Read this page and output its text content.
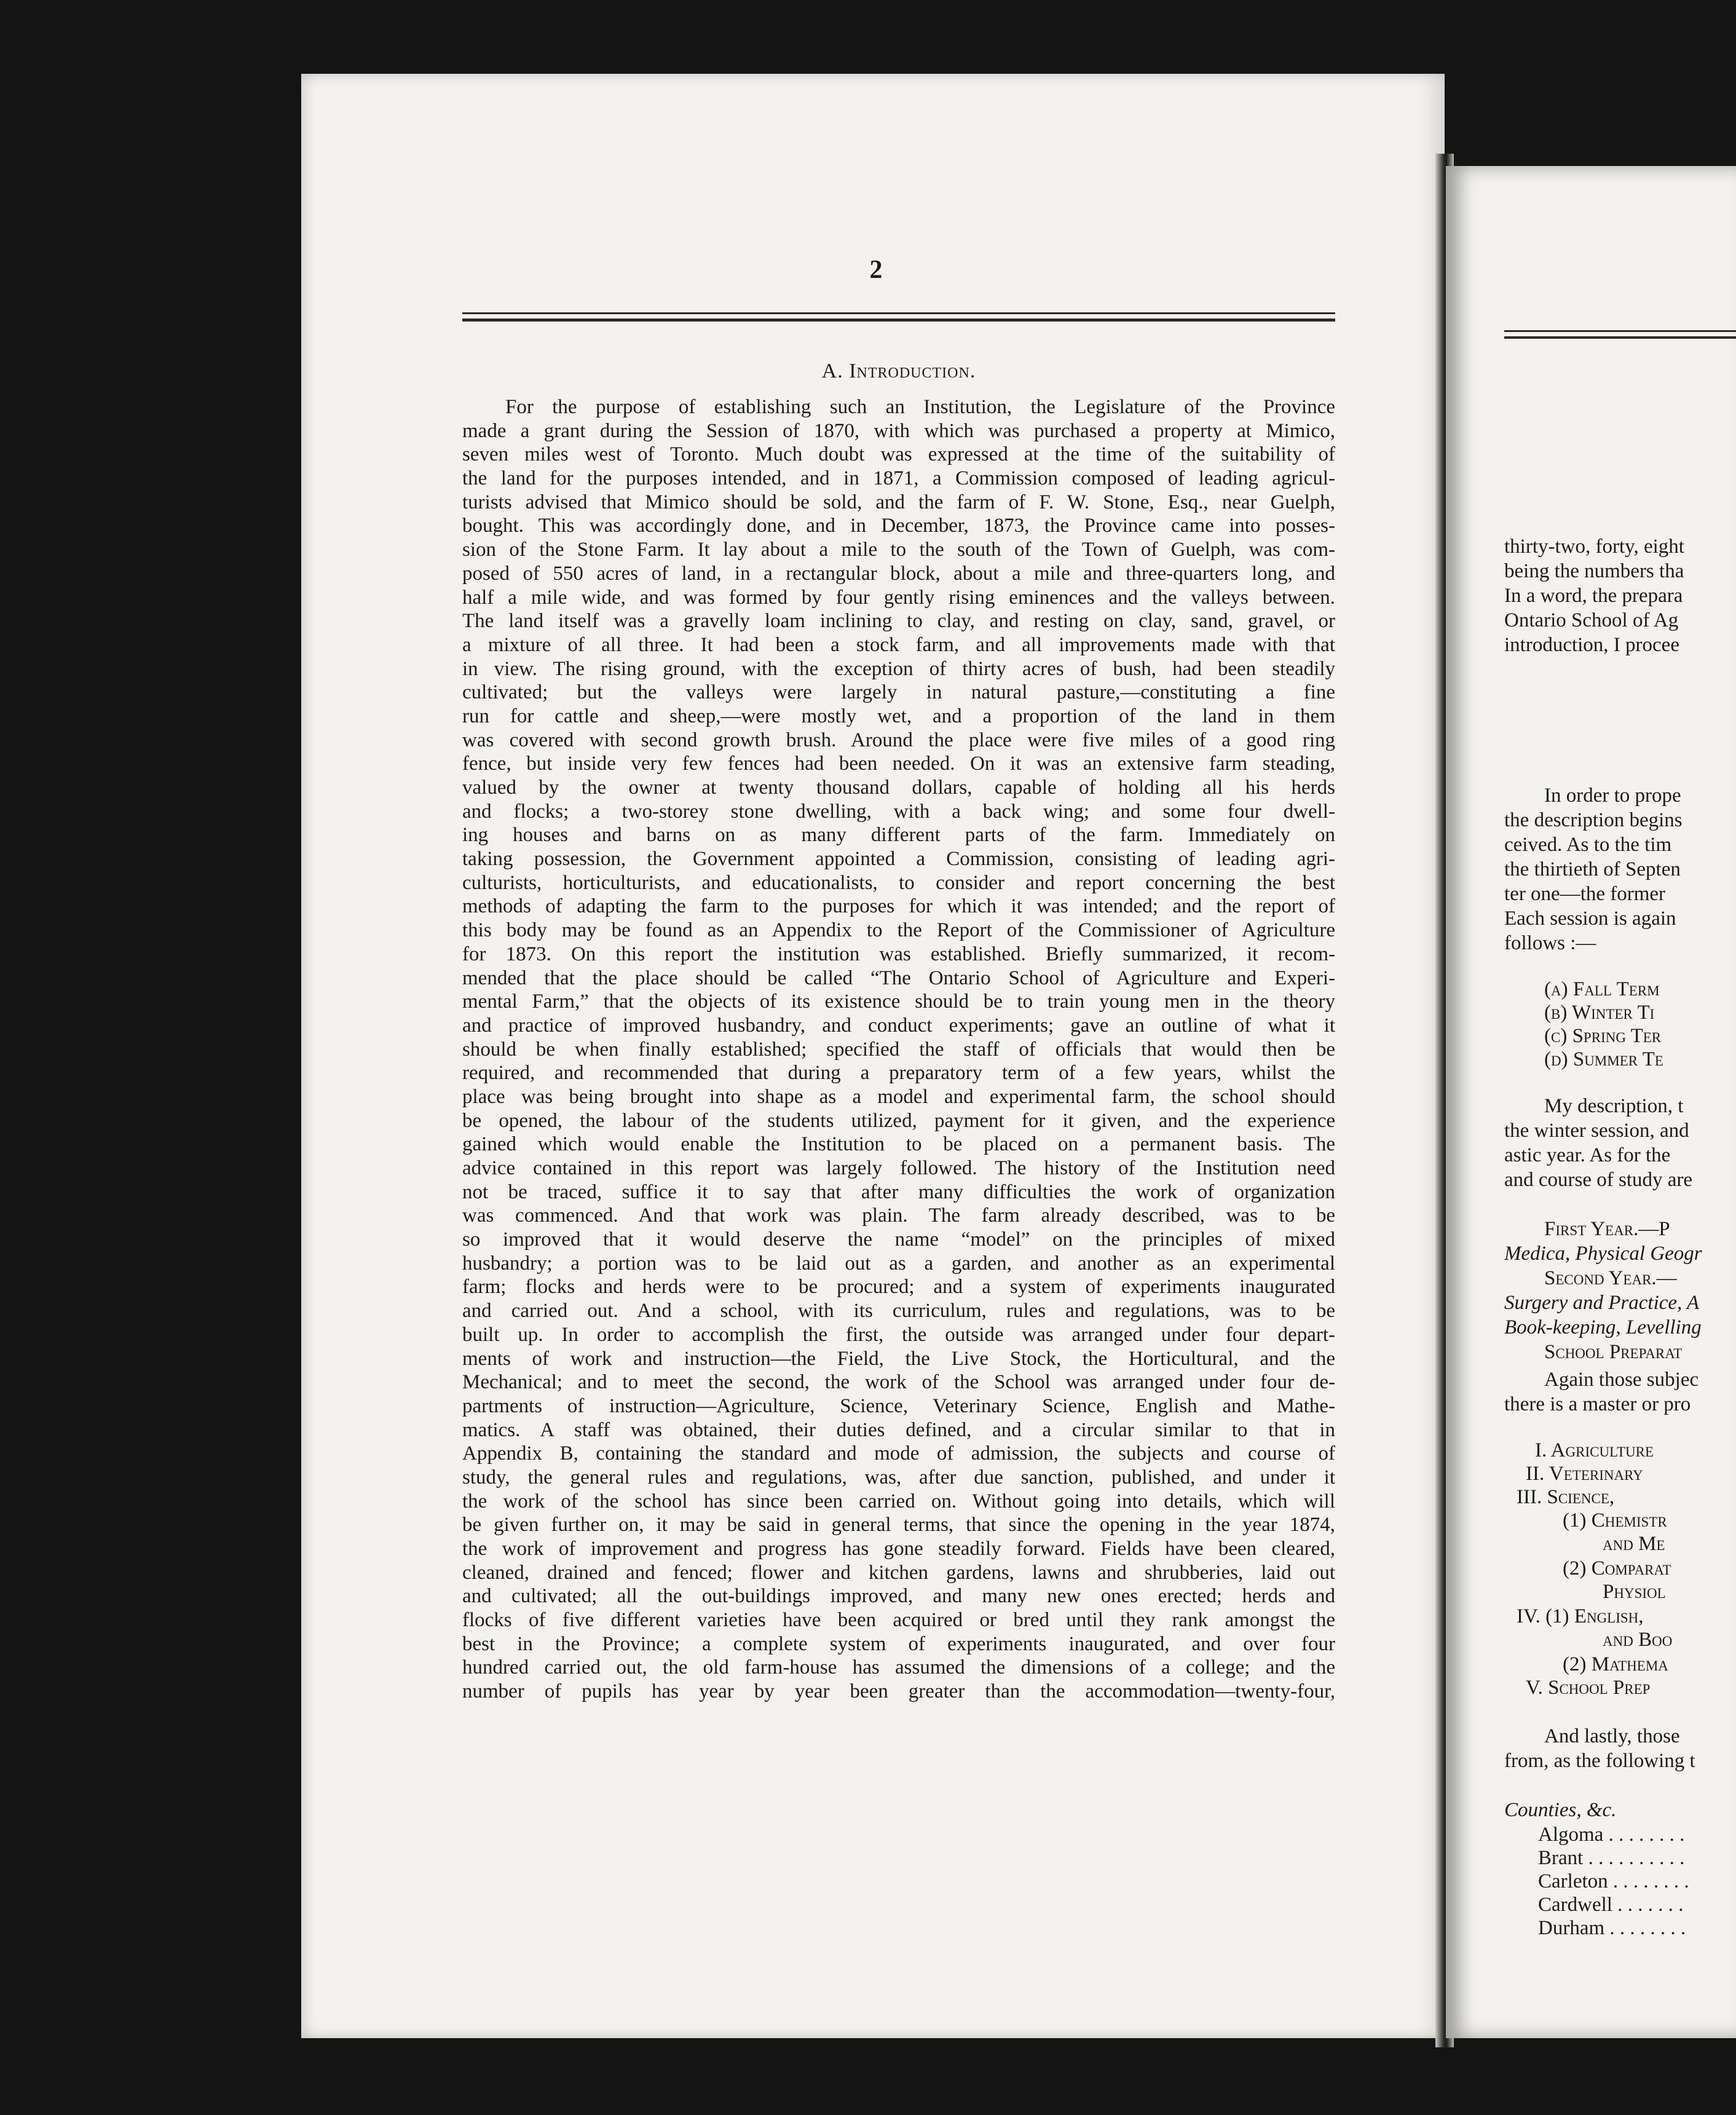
2
A. Introduction.
For the purpose of establishing such an Institution, the Legislature of the Province
made a grant during the Session of 1870, with which was purchased a property at Mimico,
seven miles west of Toronto. Much doubt was expressed at the time of the suitability of
the land for the purposes intended, and in 1871, a Commission composed of leading agricul-
turists advised that Mimico should be sold, and the farm of F. W. Stone, Esq., near Guelph,
bought. This was accordingly done, and in December, 1873, the Province came into posses-
sion of the Stone Farm. It lay about a mile to the south of the Town of Guelph, was com-
posed of 550 acres of land, in a rectangular block, about a mile and three-quarters long, and
half a mile wide, and was formed by four gently rising eminences and the valleys between.
The land itself was a gravelly loam inclining to clay, and resting on clay, sand, gravel, or
a mixture of all three. It had been a stock farm, and all improvements made with that
in view. The rising ground, with the exception of thirty acres of bush, had been steadily
cultivated; but the valleys were largely in natural pasture,—constituting a fine
run for cattle and sheep,—were mostly wet, and a proportion of the land in them
was covered with second growth brush. Around the place were five miles of a good ring
fence, but inside very few fences had been needed. On it was an extensive farm steading,
valued by the owner at twenty thousand dollars, capable of holding all his herds
and flocks; a two-storey stone dwelling, with a back wing; and some four dwell-
ing houses and barns on as many different parts of the farm. Immediately on
taking possession, the Government appointed a Commission, consisting of leading agri-
culturists, horticulturists, and educationalists, to consider and report concerning the best
methods of adapting the farm to the purposes for which it was intended; and the report of
this body may be found as an Appendix to the Report of the Commissioner of Agriculture
for 1873. On this report the institution was established. Briefly summarized, it recom-
mended that the place should be called “The Ontario School of Agriculture and Experi-
mental Farm,” that the objects of its existence should be to train young men in the theory
and practice of improved husbandry, and conduct experiments; gave an outline of what it
should be when finally established; specified the staff of officials that would then be
required, and recommended that during a preparatory term of a few years, whilst the
place was being brought into shape as a model and experimental farm, the school should
be opened, the labour of the students utilized, payment for it given, and the experience
gained which would enable the Institution to be placed on a permanent basis. The
advice contained in this report was largely followed. The history of the Institution need
not be traced, suffice it to say that after many difficulties the work of organization
was commenced. And that work was plain. The farm already described, was to be
so improved that it would deserve the name “model” on the principles of mixed
husbandry; a portion was to be laid out as a garden, and another as an experimental
farm; flocks and herds were to be procured; and a system of experiments inaugurated
and carried out. And a school, with its curriculum, rules and regulations, was to be
built up. In order to accomplish the first, the outside was arranged under four depart-
ments of work and instruction—the Field, the Live Stock, the Horticultural, and the
Mechanical; and to meet the second, the work of the School was arranged under four de-
partments of instruction—Agriculture, Science, Veterinary Science, English and Mathe-
matics. A staff was obtained, their duties defined, and a circular similar to that in
Appendix B, containing the standard and mode of admission, the subjects and course of
study, the general rules and regulations, was, after due sanction, published, and under it
the work of the school has since been carried on. Without going into details, which will
be given further on, it may be said in general terms, that since the opening in the year 1874,
the work of improvement and progress has gone steadily forward. Fields have been cleared,
cleaned, drained and fenced; flower and kitchen gardens, lawns and shrubberies, laid out
and cultivated; all the out-buildings improved, and many new ones erected; herds and
flocks of five different varieties have been acquired or bred until they rank amongst the
best in the Province; a complete system of experiments inaugurated, and over four
hundred carried out, the old farm-house has assumed the dimensions of a college; and the
number of pupils has year by year been greater than the accommodation—twenty-four,
thirty-two, forty, eight
being the numbers tha
In a word, the prepara
Ontario School of Ag
introduction, I procee
In order to prope
the description begins
ceived. As to the tim
the thirtieth of Septen
ter one—the former
Each session is again
follows :—
(a) Fall Term
(b) Winter Ti
(c) Spring Ter
(d) Summer Te
My description, t
the winter session, and
astic year. As for the
and course of study are
First Year.—P
Medica, Physical Geogr
Second Year.—
Surgery and Practice, A
Book-keeping, Levelling
School Preparat
Again those subjec
there is a master or pro
I. Agriculture
II. Veterinary
III. Science,
(1) Chemistr
and Me
(2) Comparat
Physiol
IV. (1) English,
and Boo
(2) Mathema
V. School Prep
And lastly, those
from, as the following t
Counties, &c.
Algoma . . . . . . . .
Brant . . . . . . . . . .
Carleton . . . . . . . .
Cardwell . . . . . . .
Durham . . . . . . . .
